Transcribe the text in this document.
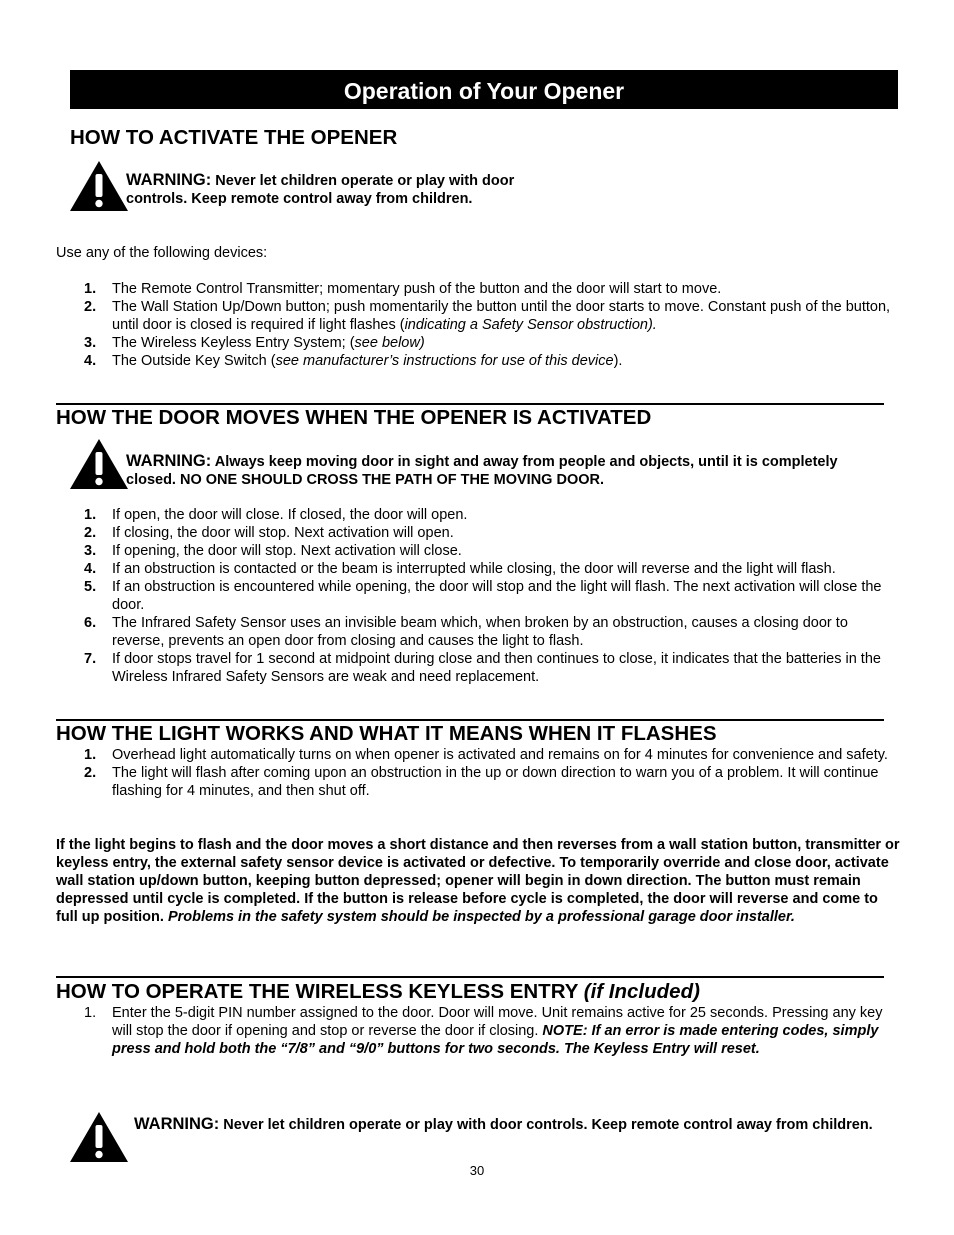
Operation of Your Opener
HOW TO ACTIVATE THE OPENER
WARNING: Never let children operate or play with door controls. Keep remote control away from children.
Use any of the following devices:
1. The Remote Control Transmitter; momentary push of the button and the door will start to move.
2. The Wall Station Up/Down button; push momentarily the button until the door starts to move. Constant push of the button, until door is closed is required if light flashes (indicating a Safety Sensor obstruction).
3. The Wireless Keyless Entry System; (see below)
4. The Outside Key Switch (see manufacturer’s instructions for use of this device).
HOW THE DOOR MOVES WHEN THE OPENER IS ACTIVATED
WARNING: Always keep moving door in sight and away from people and objects, until it is completely closed. NO ONE SHOULD CROSS THE PATH OF THE MOVING DOOR.
1. If open, the door will close. If closed, the door will open.
2. If closing, the door will stop. Next activation will open.
3. If opening, the door will stop. Next activation will close.
4. If an obstruction is contacted or the beam is interrupted while closing, the door will reverse and the light will flash.
5. If an obstruction is encountered while opening, the door will stop and the light will flash. The next activation will close the door.
6. The Infrared Safety Sensor uses an invisible beam which, when broken by an obstruction, causes a closing door to reverse, prevents an open door from closing and causes the light to flash.
7. If door stops travel for 1 second at midpoint during close and then continues to close, it indicates that the batteries in the Wireless Infrared Safety Sensors are weak and need replacement.
HOW THE LIGHT WORKS AND WHAT IT MEANS WHEN IT FLASHES
1. Overhead light automatically turns on when opener is activated and remains on for 4 minutes for convenience and safety.
2. The light will flash after coming upon an obstruction in the up or down direction to warn you of a problem. It will continue flashing for 4 minutes, and then shut off.
If the light begins to flash and the door moves a short distance and then reverses from a wall station button, transmitter or keyless entry, the external safety sensor device is activated or defective. To temporarily override and close door, activate wall station up/down button, keeping button depressed; opener will begin in down direction. The button must remain depressed until cycle is completed. If the button is release before cycle is completed, the door will reverse and come to full up position. Problems in the safety system should be inspected by a professional garage door installer.
HOW TO OPERATE THE WIRELESS KEYLESS ENTRY (if Included)
1. Enter the 5-digit PIN number assigned to the door. Door will move. Unit remains active for 25 seconds. Pressing any key will stop the door if opening and stop or reverse the door if closing. NOTE: If an error is made entering codes, simply press and hold both the “7/8” and “9/0” buttons for two seconds. The Keyless Entry will reset.
WARNING: Never let children operate or play with door controls. Keep remote control away from children.
30
